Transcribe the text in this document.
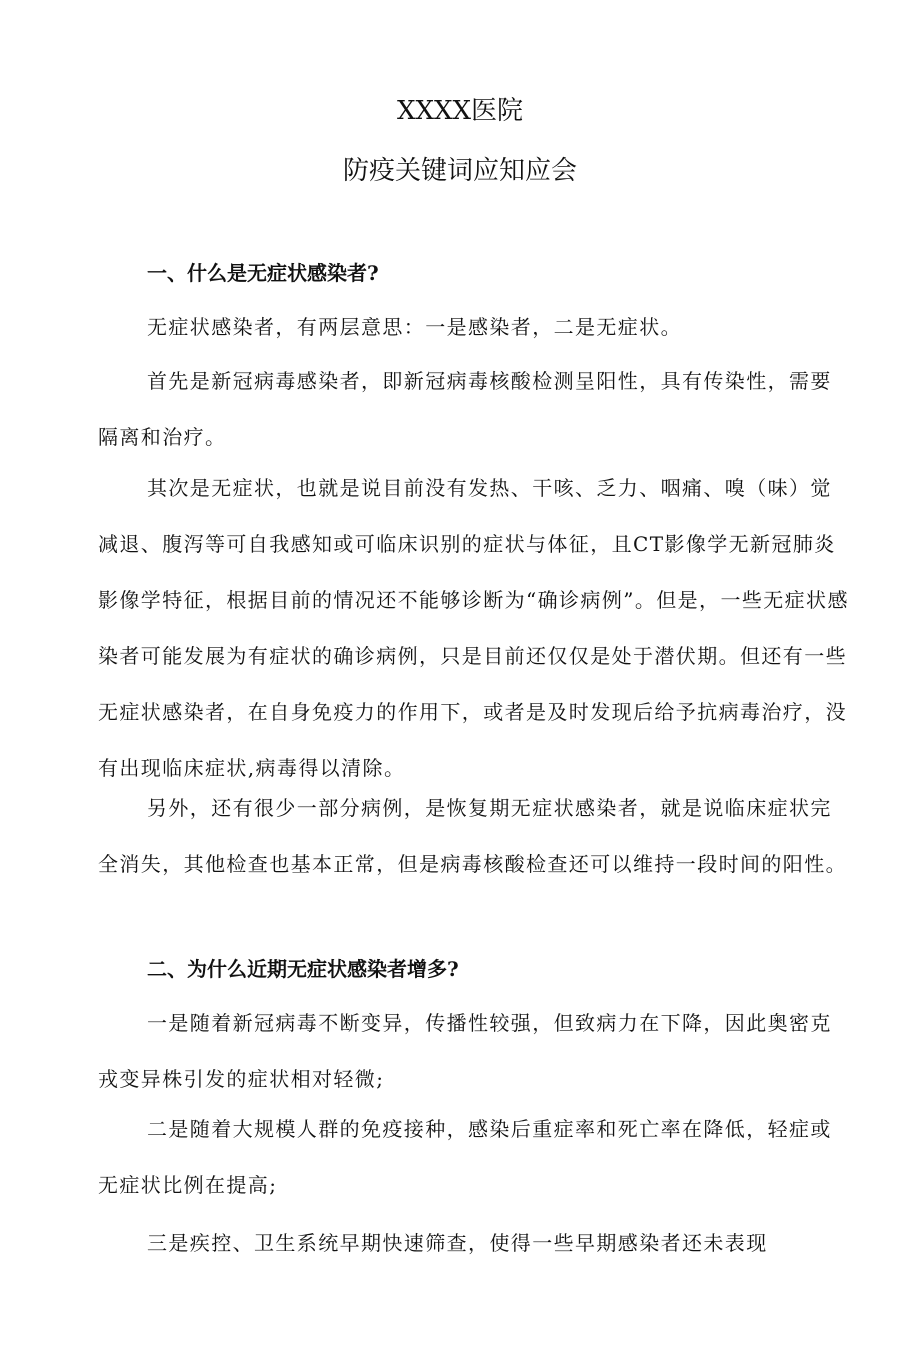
XXXX医院
防疫关键词应知应会
一、什么是无症状感染者?

无症状感染者，有两层意思：一是感染者，二是无症状。

首先是新冠病毒感染者，即新冠病毒核酸检测呈阳性，具有传染性，需要隔离和治疗。

其次是无症状，也就是说目前没有发热、干咳、乏力、咽痛、嗅（味）觉减退、腹泻等可自我感知或可临床识别的症状与体征，且CT影像学无新冠肺炎影像学特征，根据目前的情况还不能够诊断为“确诊病例”。但是，一些无症状感染者可能发展为有症状的确诊病例，只是目前还仅仅是处于潜伏期。但还有一些无症状感染者，在自身免疫力的作用下，或者是及时发现后给予抗病毒治疗，没有出现临床症状,病毒得以清除。

另外，还有很少一部分病例，是恢复期无症状感染者，就是说临床症状完全消失，其他检查也基本正常，但是病毒核酸检查还可以维持一段时间的阳性。

二、为什么近期无症状感染者增多?

一是随着新冠病毒不断变异，传播性较强，但致病力在下降，因此奥密克戎变异株引发的症状相对轻微;

二是随着大规模人群的免疫接种，感染后重症率和死亡率在降低，轻症或无症状比例在提高;

三是疾控、卫生系统早期快速筛查，使得一些早期感染者还未表现
